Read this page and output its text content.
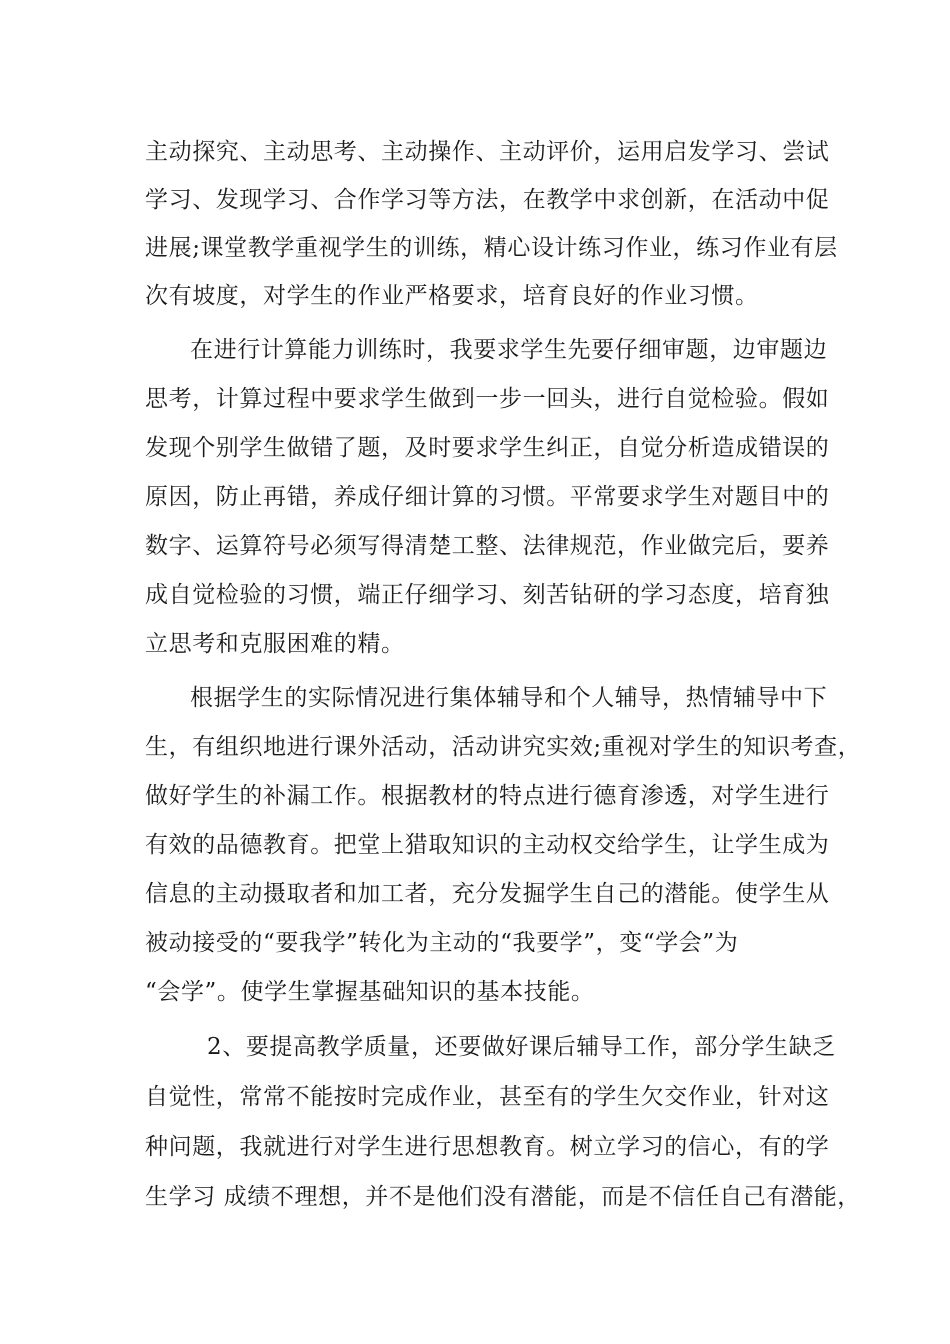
主动探究、主动思考、主动操作、主动评价，运用启发学习、尝试
学习、发现学习、合作学习等方法，在教学中求创新，在活动中促
进展;课堂教学重视学生的训练，精心设计练习作业，练习作业有层
次有坡度，对学生的作业严格要求，培育良好的作业习惯。
在进行计算能力训练时，我要求学生先要仔细审题，边审题边
思考，计算过程中要求学生做到一步一回头，进行自觉检验。假如
发现个别学生做错了题，及时要求学生纠正，自觉分析造成错误的
原因，防止再错，养成仔细计算的习惯。平常要求学生对题目中的
数字、运算符号必须写得清楚工整、法律规范，作业做完后，要养
成自觉检验的习惯，端正仔细学习、刻苦钻研的学习态度，培育独
立思考和克服困难的精。
根据学生的实际情况进行集体辅导和个人辅导，热情辅导中下
生，有组织地进行课外活动，活动讲究实效;重视对学生的知识考查，
做好学生的补漏工作。根据教材的特点进行德育渗透，对学生进行
有效的品德教育。把堂上猎取知识的主动权交给学生，让学生成为
信息的主动摄取者和加工者，充分发掘学生自己的潜能。使学生从
被动接受的“要我学”转化为主动的“我要学”，变“学会”为
“会学”。使学生掌握基础知识的基本技能。
2、要提高教学质量，还要做好课后辅导工作，部分学生缺乏
自觉性，常常不能按时完成作业，甚至有的学生欠交作业，针对这
种问题，我就进行对学生进行思想教育。树立学习的信心，有的学
生学习 成绩不理想，并不是他们没有潜能，而是不信任自己有潜能，
